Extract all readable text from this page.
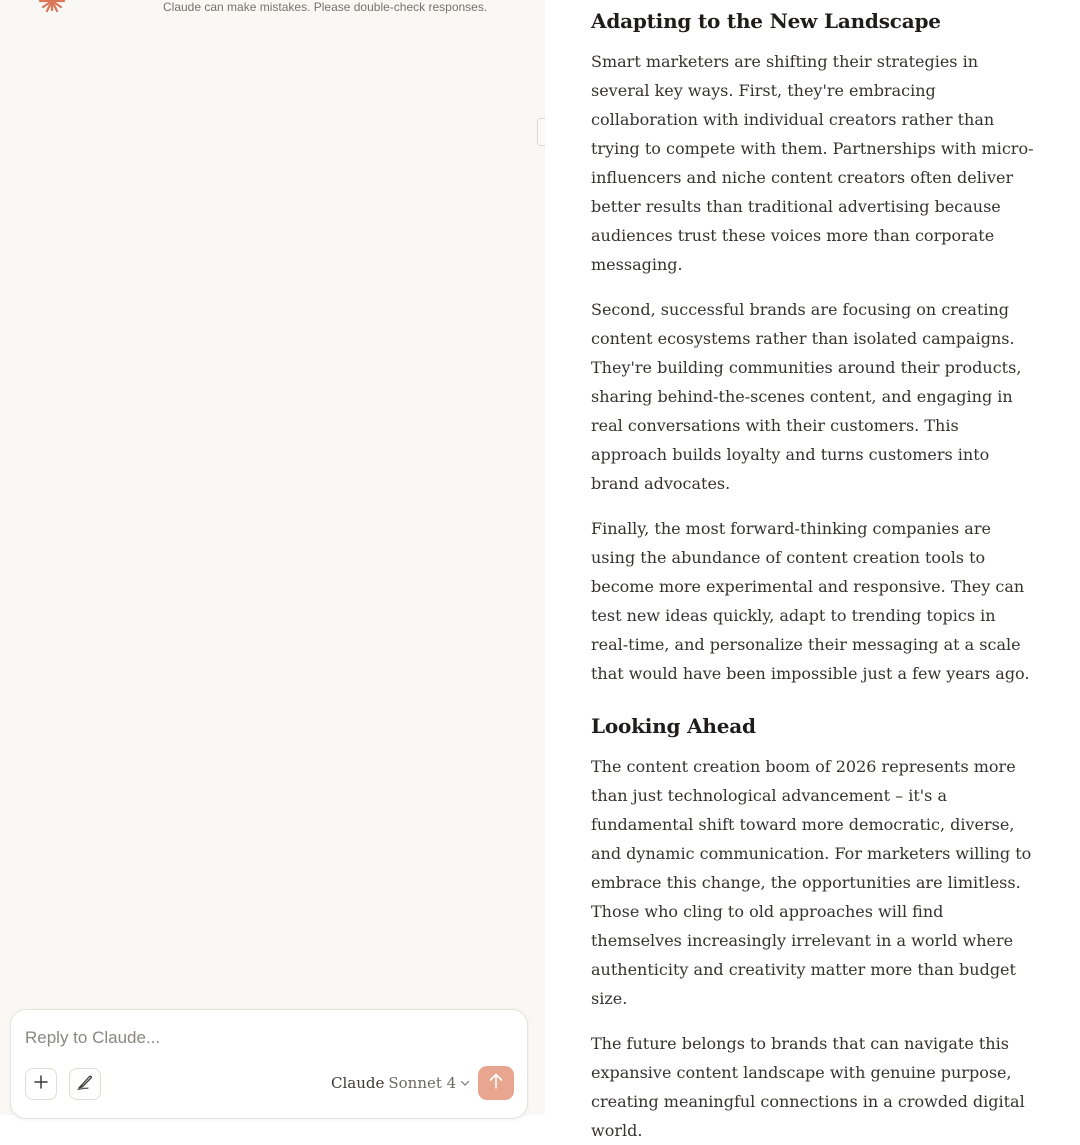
Claude can make mistakes. Please double-check responses.
Reply to Claude...
Claude Sonnet 4
Adapting to the New Landscape

Smart marketers are shifting their strategies in several key ways. First, they're embracing collaboration with individual creators rather than trying to compete with them. Partnerships with micro-influencers and niche content creators often deliver better results than traditional advertising because audiences trust these voices more than corporate messaging.

Second, successful brands are focusing on creating content ecosystems rather than isolated campaigns. They're building communities around their products, sharing behind-the-scenes content, and engaging in real conversations with their customers. This approach builds loyalty and turns customers into brand advocates.

Finally, the most forward-thinking companies are using the abundance of content creation tools to become more experimental and responsive. They can test new ideas quickly, adapt to trending topics in real-time, and personalize their messaging at a scale that would have been impossible just a few years ago.

Looking Ahead

The content creation boom of 2026 represents more than just technological advancement – it's a fundamental shift toward more democratic, diverse, and dynamic communication. For marketers willing to embrace this change, the opportunities are limitless. Those who cling to old approaches will find themselves increasingly irrelevant in a world where authenticity and creativity matter more than budget size.

The future belongs to brands that can navigate this expansive content landscape with genuine purpose, creating meaningful connections in a crowded digital world.
